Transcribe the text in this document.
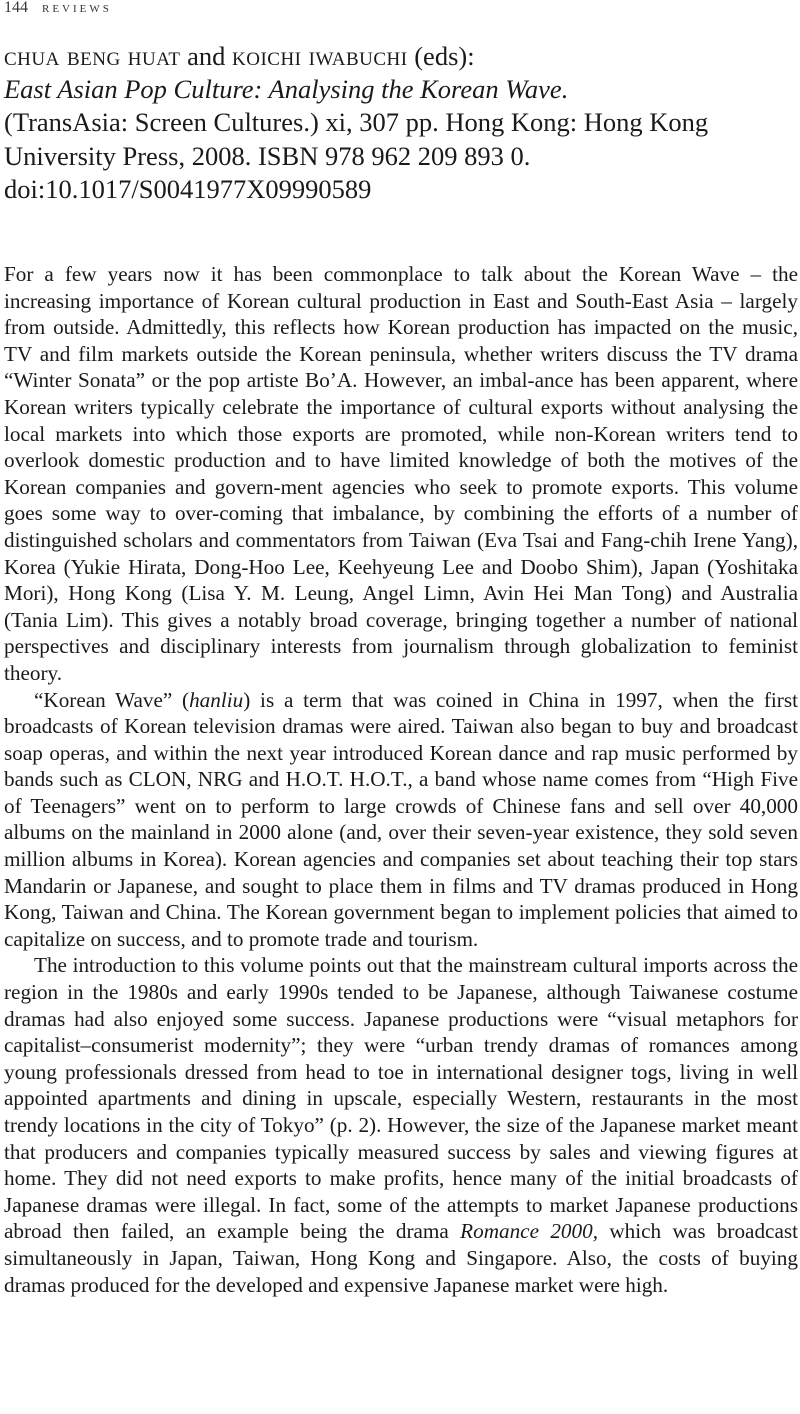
144 reviews
chua beng huat and koichi iwabuchi (eds):
East Asian Pop Culture: Analysing the Korean Wave.
(TransAsia: Screen Cultures.) xi, 307 pp. Hong Kong: Hong Kong
University Press, 2008. ISBN 978 962 209 893 0.
doi:10.1017/S0041977X09990589

For a few years now it has been commonplace to talk about the Korean Wave – the increasing importance of Korean cultural production in East and South-East Asia – largely from outside. Admittedly, this reflects how Korean production has impacted on the music, TV and film markets outside the Korean peninsula, whether writers discuss the TV drama “Winter Sonata” or the pop artiste Bo’A. However, an imbal-ance has been apparent, where Korean writers typically celebrate the importance of cultural exports without analysing the local markets into which those exports are promoted, while non-Korean writers tend to overlook domestic production and to have limited knowledge of both the motives of the Korean companies and govern-ment agencies who seek to promote exports. This volume goes some way to over-coming that imbalance, by combining the efforts of a number of distinguished scholars and commentators from Taiwan (Eva Tsai and Fang-chih Irene Yang), Korea (Yukie Hirata, Dong-Hoo Lee, Keehyeung Lee and Doobo Shim), Japan (Yoshitaka Mori), Hong Kong (Lisa Y. M. Leung, Angel Limn, Avin Hei Man Tong) and Australia (Tania Lim). This gives a notably broad coverage, bringing together a number of national perspectives and disciplinary interests from journalism through globalization to feminist theory.

“Korean Wave” (hanliu) is a term that was coined in China in 1997, when the first broadcasts of Korean television dramas were aired. Taiwan also began to buy and broadcast soap operas, and within the next year introduced Korean dance and rap music performed by bands such as CLON, NRG and H.O.T. H.O.T., a band whose name comes from “High Five of Teenagers” went on to perform to large crowds of Chinese fans and sell over 40,000 albums on the mainland in 2000 alone (and, over their seven-year existence, they sold seven million albums in Korea). Korean agencies and companies set about teaching their top stars Mandarin or Japanese, and sought to place them in films and TV dramas produced in Hong Kong, Taiwan and China. The Korean government began to implement policies that aimed to capitalize on success, and to promote trade and tourism.

The introduction to this volume points out that the mainstream cultural imports across the region in the 1980s and early 1990s tended to be Japanese, although Taiwanese costume dramas had also enjoyed some success. Japanese productions were “visual metaphors for capitalist–consumerist modernity”; they were “urban trendy dramas of romances among young professionals dressed from head to toe in international designer togs, living in well appointed apartments and dining in upscale, especially Western, restaurants in the most trendy locations in the city of Tokyo” (p. 2). However, the size of the Japanese market meant that producers and companies typically measured success by sales and viewing figures at home. They did not need exports to make profits, hence many of the initial broadcasts of Japanese dramas were illegal. In fact, some of the attempts to market Japanese productions abroad then failed, an example being the drama Romance 2000, which was broadcast simultaneously in Japan, Taiwan, Hong Kong and Singapore. Also, the costs of buying dramas produced for the developed and expensive Japanese market were high.
